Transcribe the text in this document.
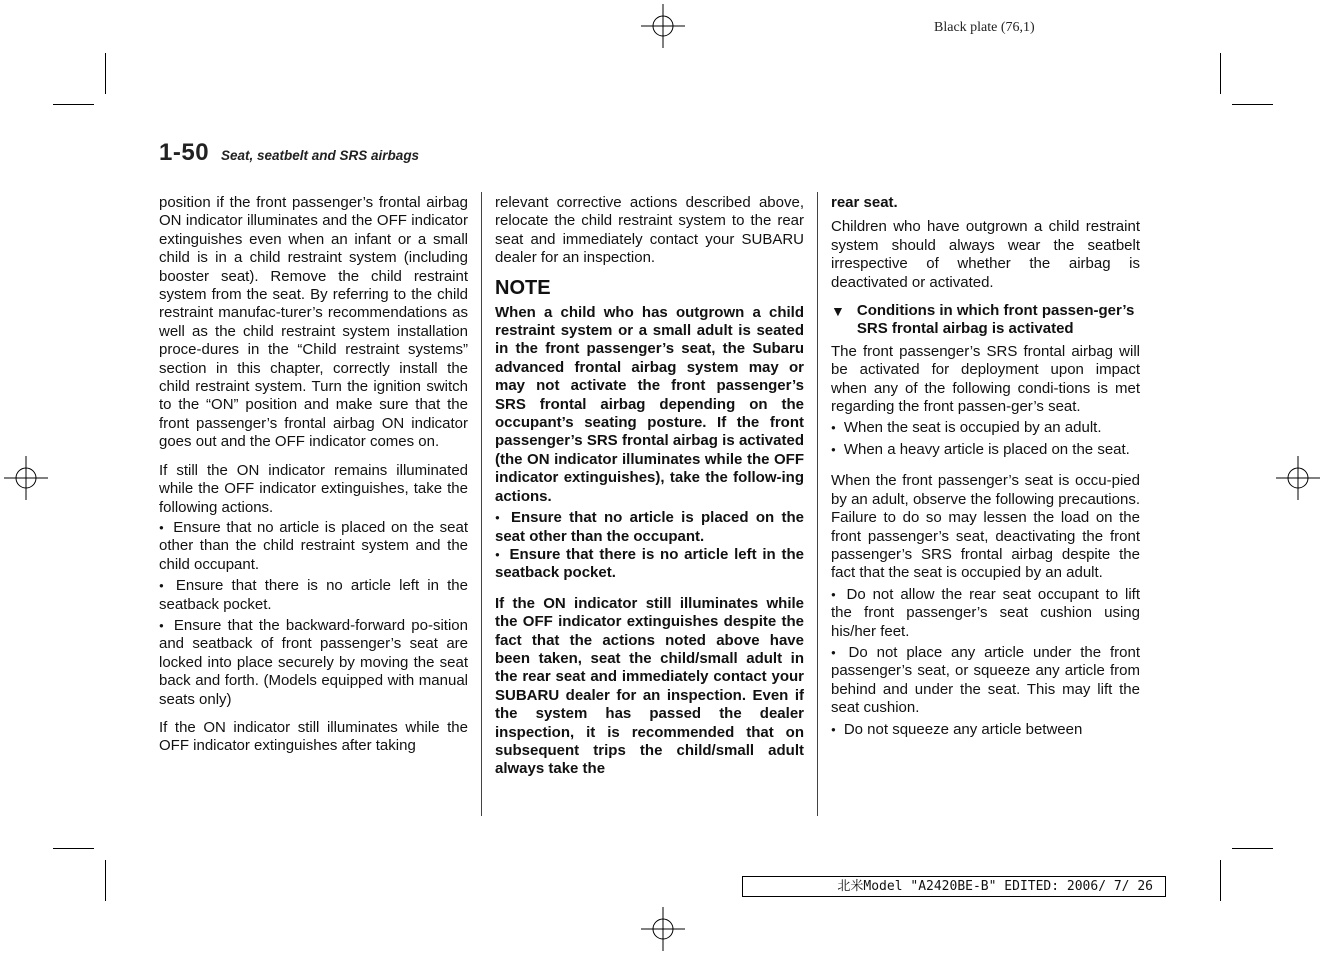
Black plate (76,1)
1-50 Seat, seatbelt and SRS airbags

position if the front passenger’s frontal airbag ON indicator illuminates and the OFF indicator extinguishes even when an infant or a small child is in a child restraint system (including booster seat). Remove the child restraint system from the seat. By referring to the child restraint manufac-turer’s recommendations as well as the child restraint system installation proce-dures in the “Child restraint systems” section in this chapter, correctly install the child restraint system. Turn the ignition switch to the “ON” position and make sure that the front passenger’s frontal airbag ON indicator goes out and the OFF indicator comes on.

If still the ON indicator remains illuminated while the OFF indicator extinguishes, take the following actions.

● Ensure that no article is placed on the seat other than the child restraint system and the child occupant.

● Ensure that there is no article left in the seatback pocket.

● Ensure that the backward-forward po-sition and seatback of front passenger’s seat are locked into place securely by moving the seat back and forth. (Models equipped with manual seats only)

If the ON indicator still illuminates while the OFF indicator extinguishes after taking

relevant corrective actions described above, relocate the child restraint system to the rear seat and immediately contact your SUBARU dealer for an inspection.

NOTE

When a child who has outgrown a child restraint system or a small adult is seated in the front passenger’s seat, the Subaru advanced frontal airbag system may or may not activate the front passenger’s SRS frontal airbag depending on the occupant’s seating posture. If the front passenger’s SRS frontal airbag is activated (the ON indicator illuminates while the OFF indicator extinguishes), take the follow-ing actions.

● Ensure that no article is placed on the seat other than the occupant.

● Ensure that there is no article left in the seatback pocket.

If the ON indicator still illuminates while the OFF indicator extinguishes despite the fact that the actions noted above have been taken, seat the child/small adult in the rear seat and immediately contact your SUBARU dealer for an inspection. Even if the system has passed the dealer inspection, it is recommended that on subsequent trips the child/small adult always take the

rear seat.

Children who have outgrown a child restraint system should always wear the seatbelt irrespective of whether the airbag is deactivated or activated.

▼ Conditions in which front passen-ger’s SRS frontal airbag is activated

The front passenger’s SRS frontal airbag will be activated for deployment upon impact when any of the following condi-tions is met regarding the front passen-ger’s seat.

● When the seat is occupied by an adult.

● When a heavy article is placed on the seat.

When the front passenger’s seat is occu-pied by an adult, observe the following precautions. Failure to do so may lessen the load on the front passenger’s seat, deactivating the front passenger’s SRS frontal airbag despite the fact that the seat is occupied by an adult.

● Do not allow the rear seat occupant to lift the front passenger’s seat cushion using his/her feet.

● Do not place any article under the front passenger’s seat, or squeeze any article from behind and under the seat. This may lift the seat cushion.

● Do not squeeze any article between

北米Model "A2420BE-B" EDITED: 2006/ 7/ 26
